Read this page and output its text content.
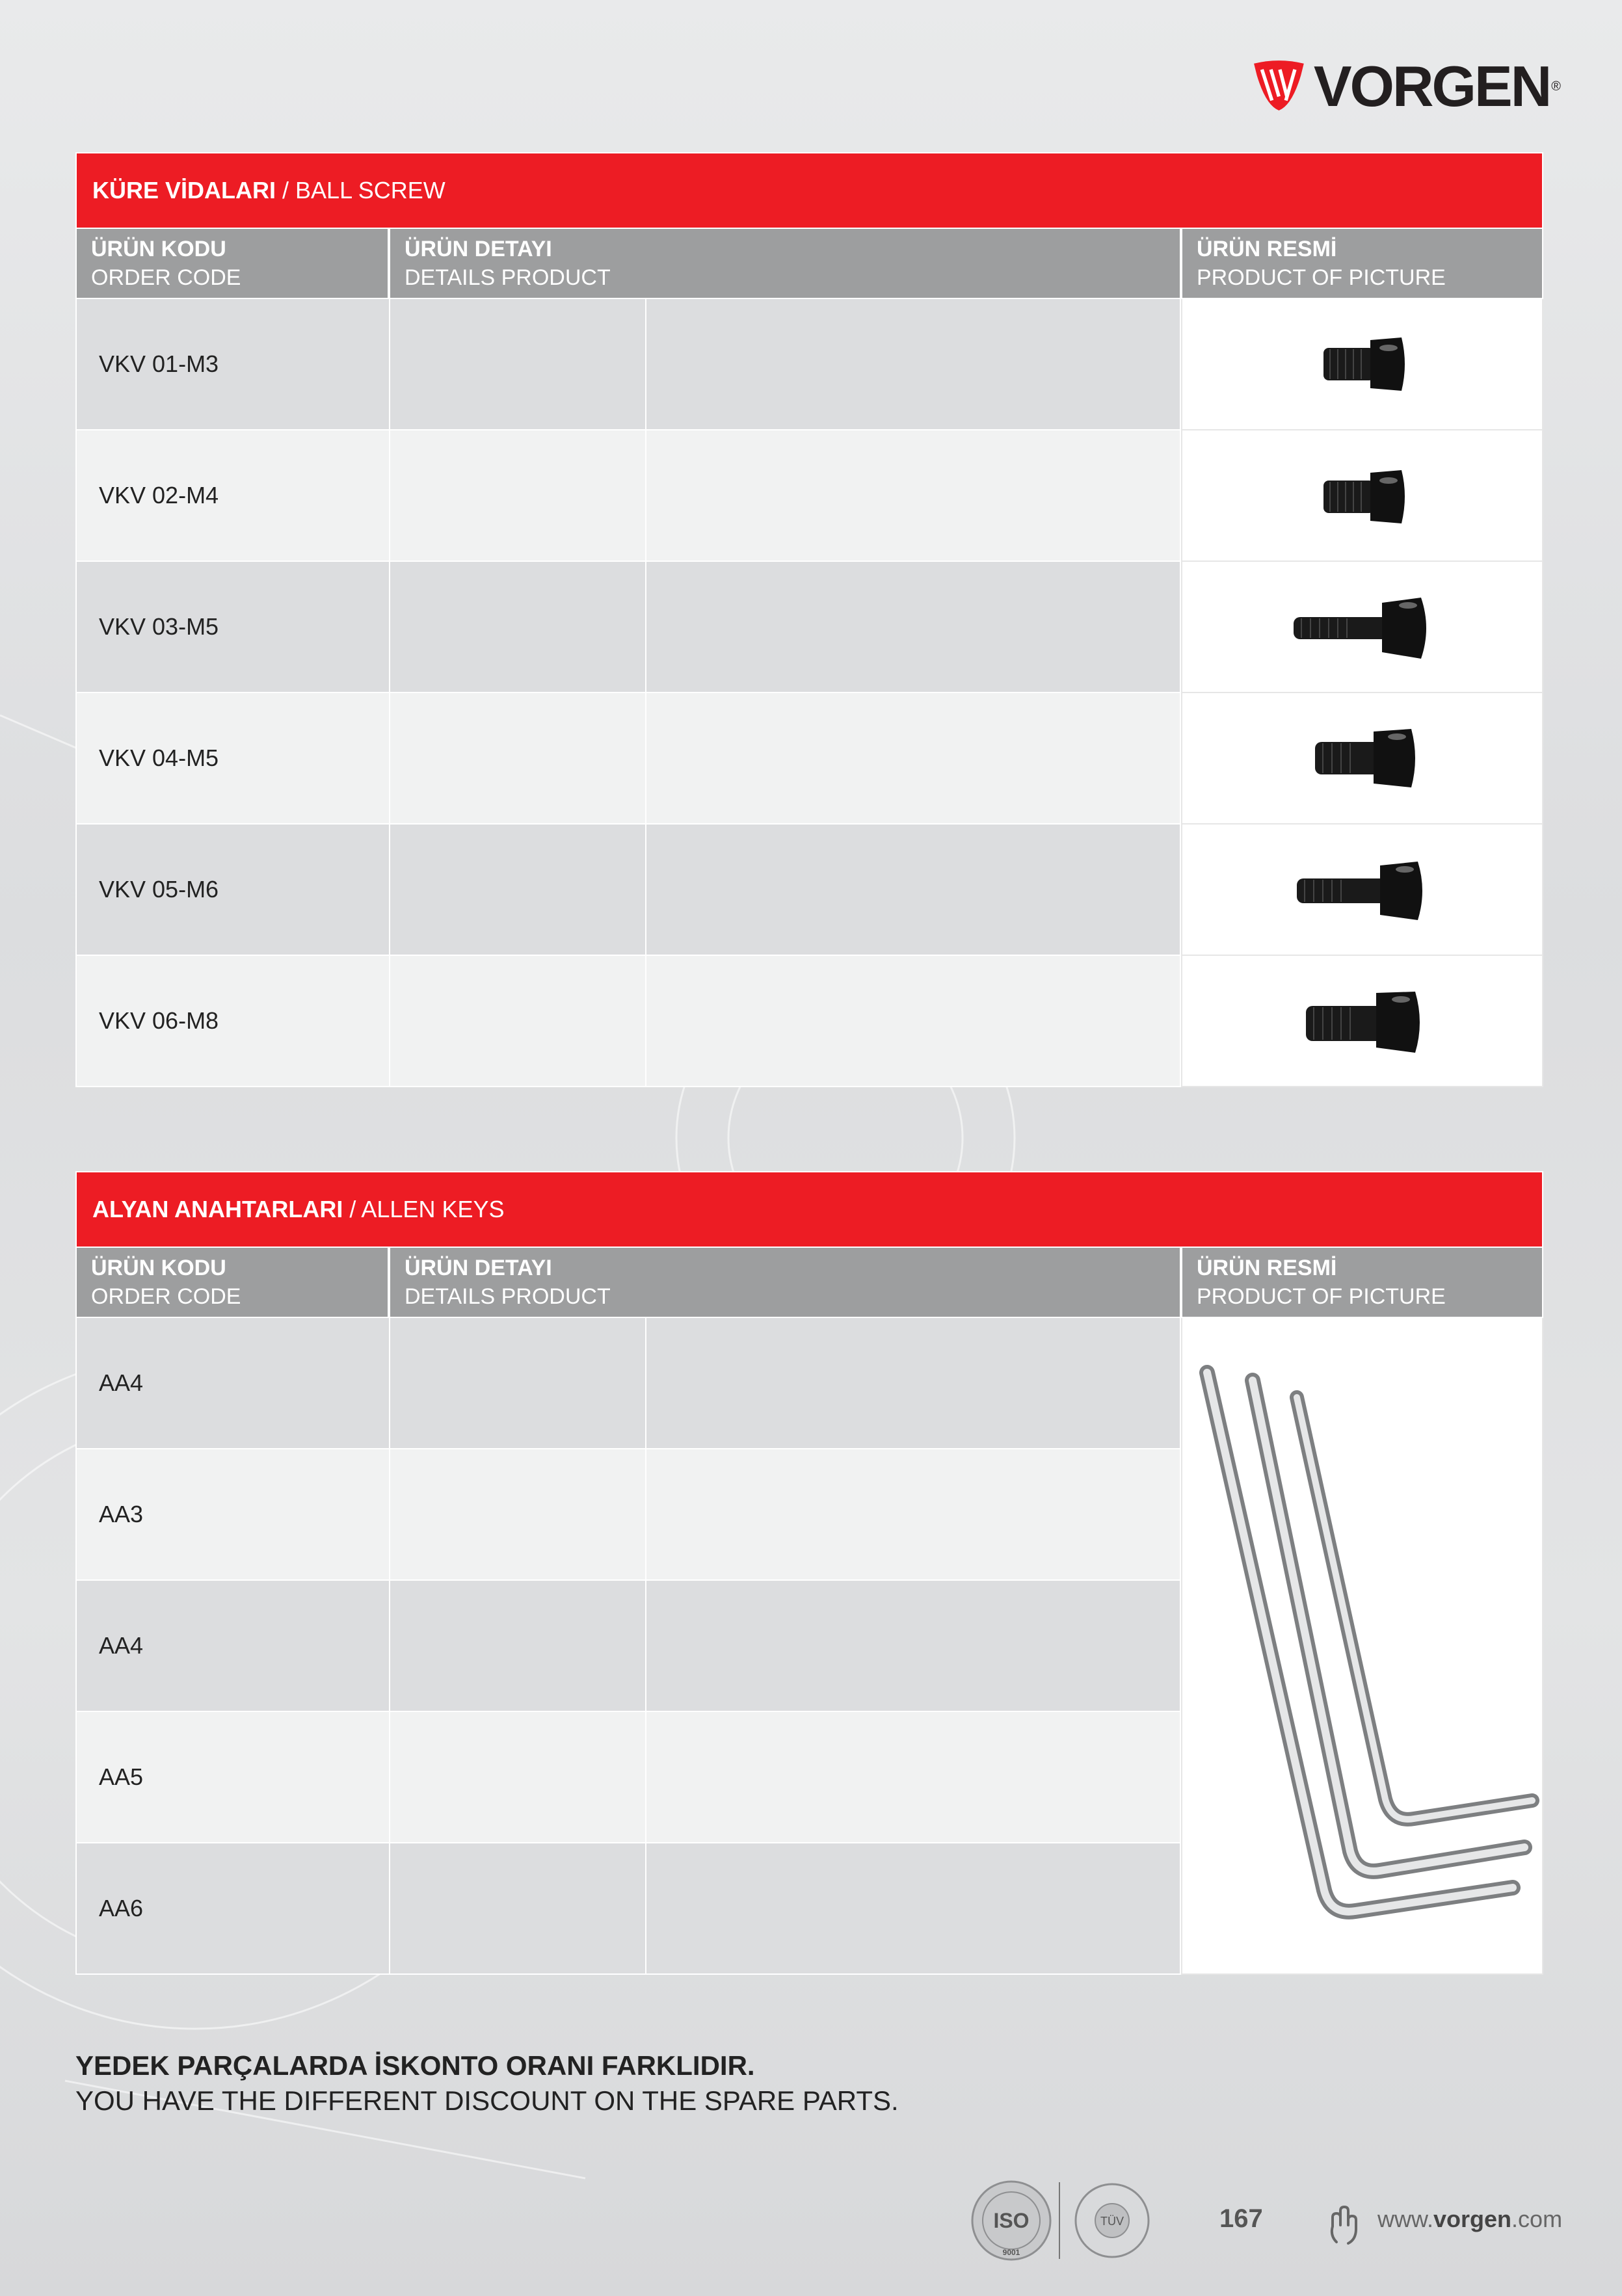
VORGEN ®
KÜRE VİDALARI / BALL SCREW
ÜRÜN KODU
ORDER CODE
ÜRÜN DETAYI
DETAILS PRODUCT
ÜRÜN RESMİ
PRODUCT OF PICTURE
VKV 01-M3
VKV 02-M4
VKV 03-M5
VKV 04-M5
VKV 05-M6
VKV 06-M8
ALYAN ANAHTARLARI / ALLEN KEYS
ÜRÜN KODU
ORDER CODE
ÜRÜN DETAYI
DETAILS PRODUCT
ÜRÜN RESMİ
PRODUCT OF PICTURE
AA4
AA3
AA4
AA5
AA6
YEDEK PARÇALARDA İSKONTO ORANI FARKLIDIR.
YOU HAVE THE DIFFERENT DISCOUNT ON THE SPARE PARTS.
ISO
9001
TÜV	167	www.vorgen.com
